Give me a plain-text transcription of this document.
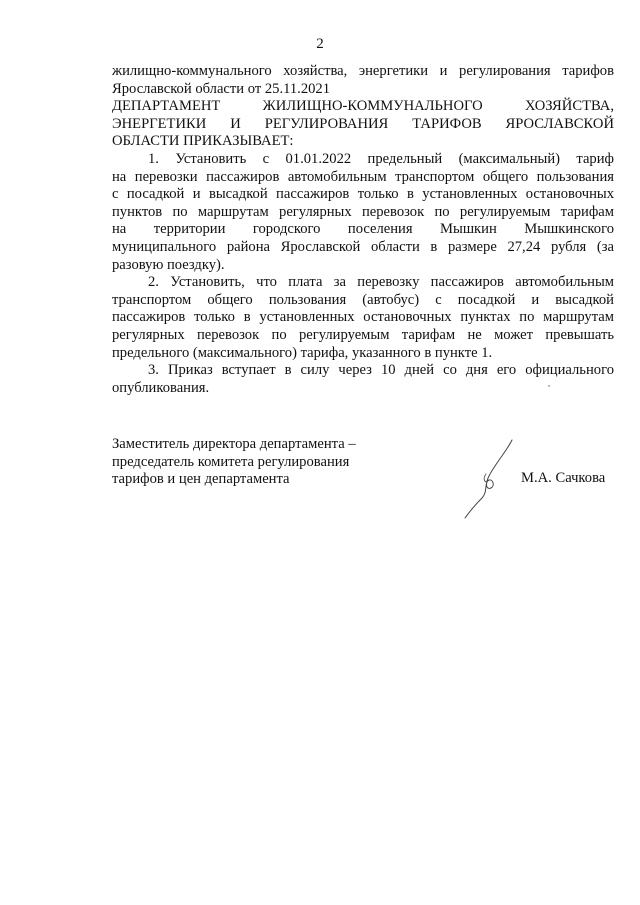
2
жилищно-коммунального хозяйства, энергетики и регулирования тарифов
Ярославской области от 25.11.2021
ДЕПАРТАМЕНТ ЖИЛИЩНО-КОММУНАЛЬНОГО ХОЗЯЙСТВА,
ЭНЕРГЕТИКИ И РЕГУЛИРОВАНИЯ ТАРИФОВ ЯРОСЛАВСКОЙ
ОБЛАСТИ ПРИКАЗЫВАЕТ:
1. Установить с 01.01.2022 предельный (максимальный) тариф
на перевозки пассажиров автомобильным транспортом общего пользования
с посадкой и высадкой пассажиров только в установленных остановочных
пунктов по маршрутам регулярных перевозок по регулируемым тарифам
на территории городского поселения Мышкин Мышкинского
муниципального района Ярославской области в размере 27,24 рубля (за
разовую поездку).
2. Установить, что плата за перевозку пассажиров автомобильным
транспортом общего пользования (автобус) с посадкой и высадкой
пассажиров только в установленных остановочных пунктах по маршрутам
регулярных перевозок по регулируемым тарифам не может превышать
предельного (максимального) тарифа, указанного в пункте 1.
3. Приказ вступает в силу через 10 дней со дня его официального
опубликования.
Заместитель директора департамента –
председатель комитета регулирования
тарифов и цен департамента	М.А. Сачкова
